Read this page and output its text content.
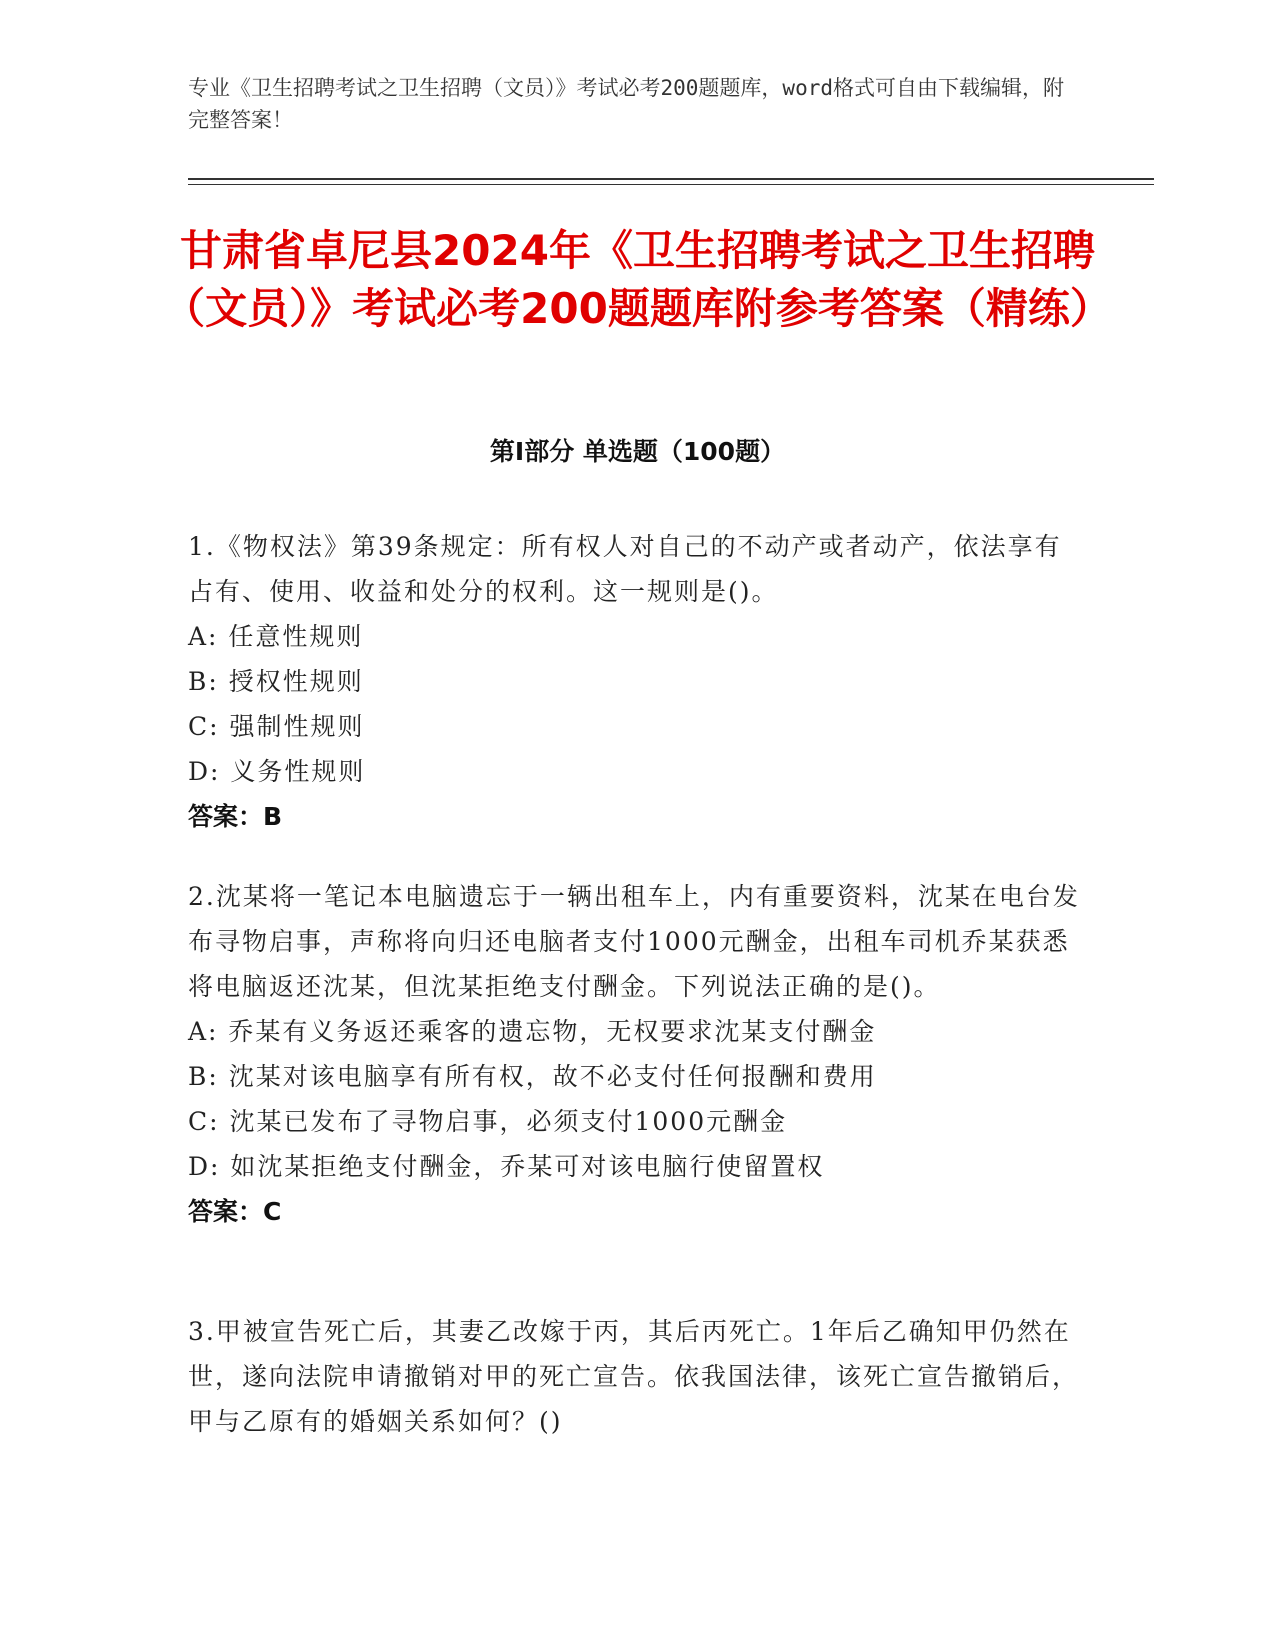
专业《卫生招聘考试之卫生招聘（文员）》考试必考200题题库，word格式可自由下载编辑，附完整答案！
甘肃省卓尼县2024年《卫生招聘考试之卫生招聘（文员）》考试必考200题题库附参考答案（精练）
第I部分 单选题（100题）
1.《物权法》第39条规定：所有权人对自己的不动产或者动产，依法享有占有、使用、收益和处分的权利。这一规则是()。
A: 任意性规则
B: 授权性规则
C: 强制性规则
D: 义务性规则
答案：B
2.沈某将一笔记本电脑遗忘于一辆出租车上，内有重要资料，沈某在电台发布寻物启事，声称将向归还电脑者支付1000元酬金，出租车司机乔某获悉将电脑返还沈某，但沈某拒绝支付酬金。下列说法正确的是()。
A: 乔某有义务返还乘客的遗忘物，无权要求沈某支付酬金
B: 沈某对该电脑享有所有权，故不必支付任何报酬和费用
C: 沈某已发布了寻物启事，必须支付1000元酬金
D: 如沈某拒绝支付酬金，乔某可对该电脑行使留置权
答案：C
3.甲被宣告死亡后，其妻乙改嫁于丙，其后丙死亡。1年后乙确知甲仍然在世，遂向法院申请撤销对甲的死亡宣告。依我国法律，该死亡宣告撤销后，甲与乙原有的婚姻关系如何？()
